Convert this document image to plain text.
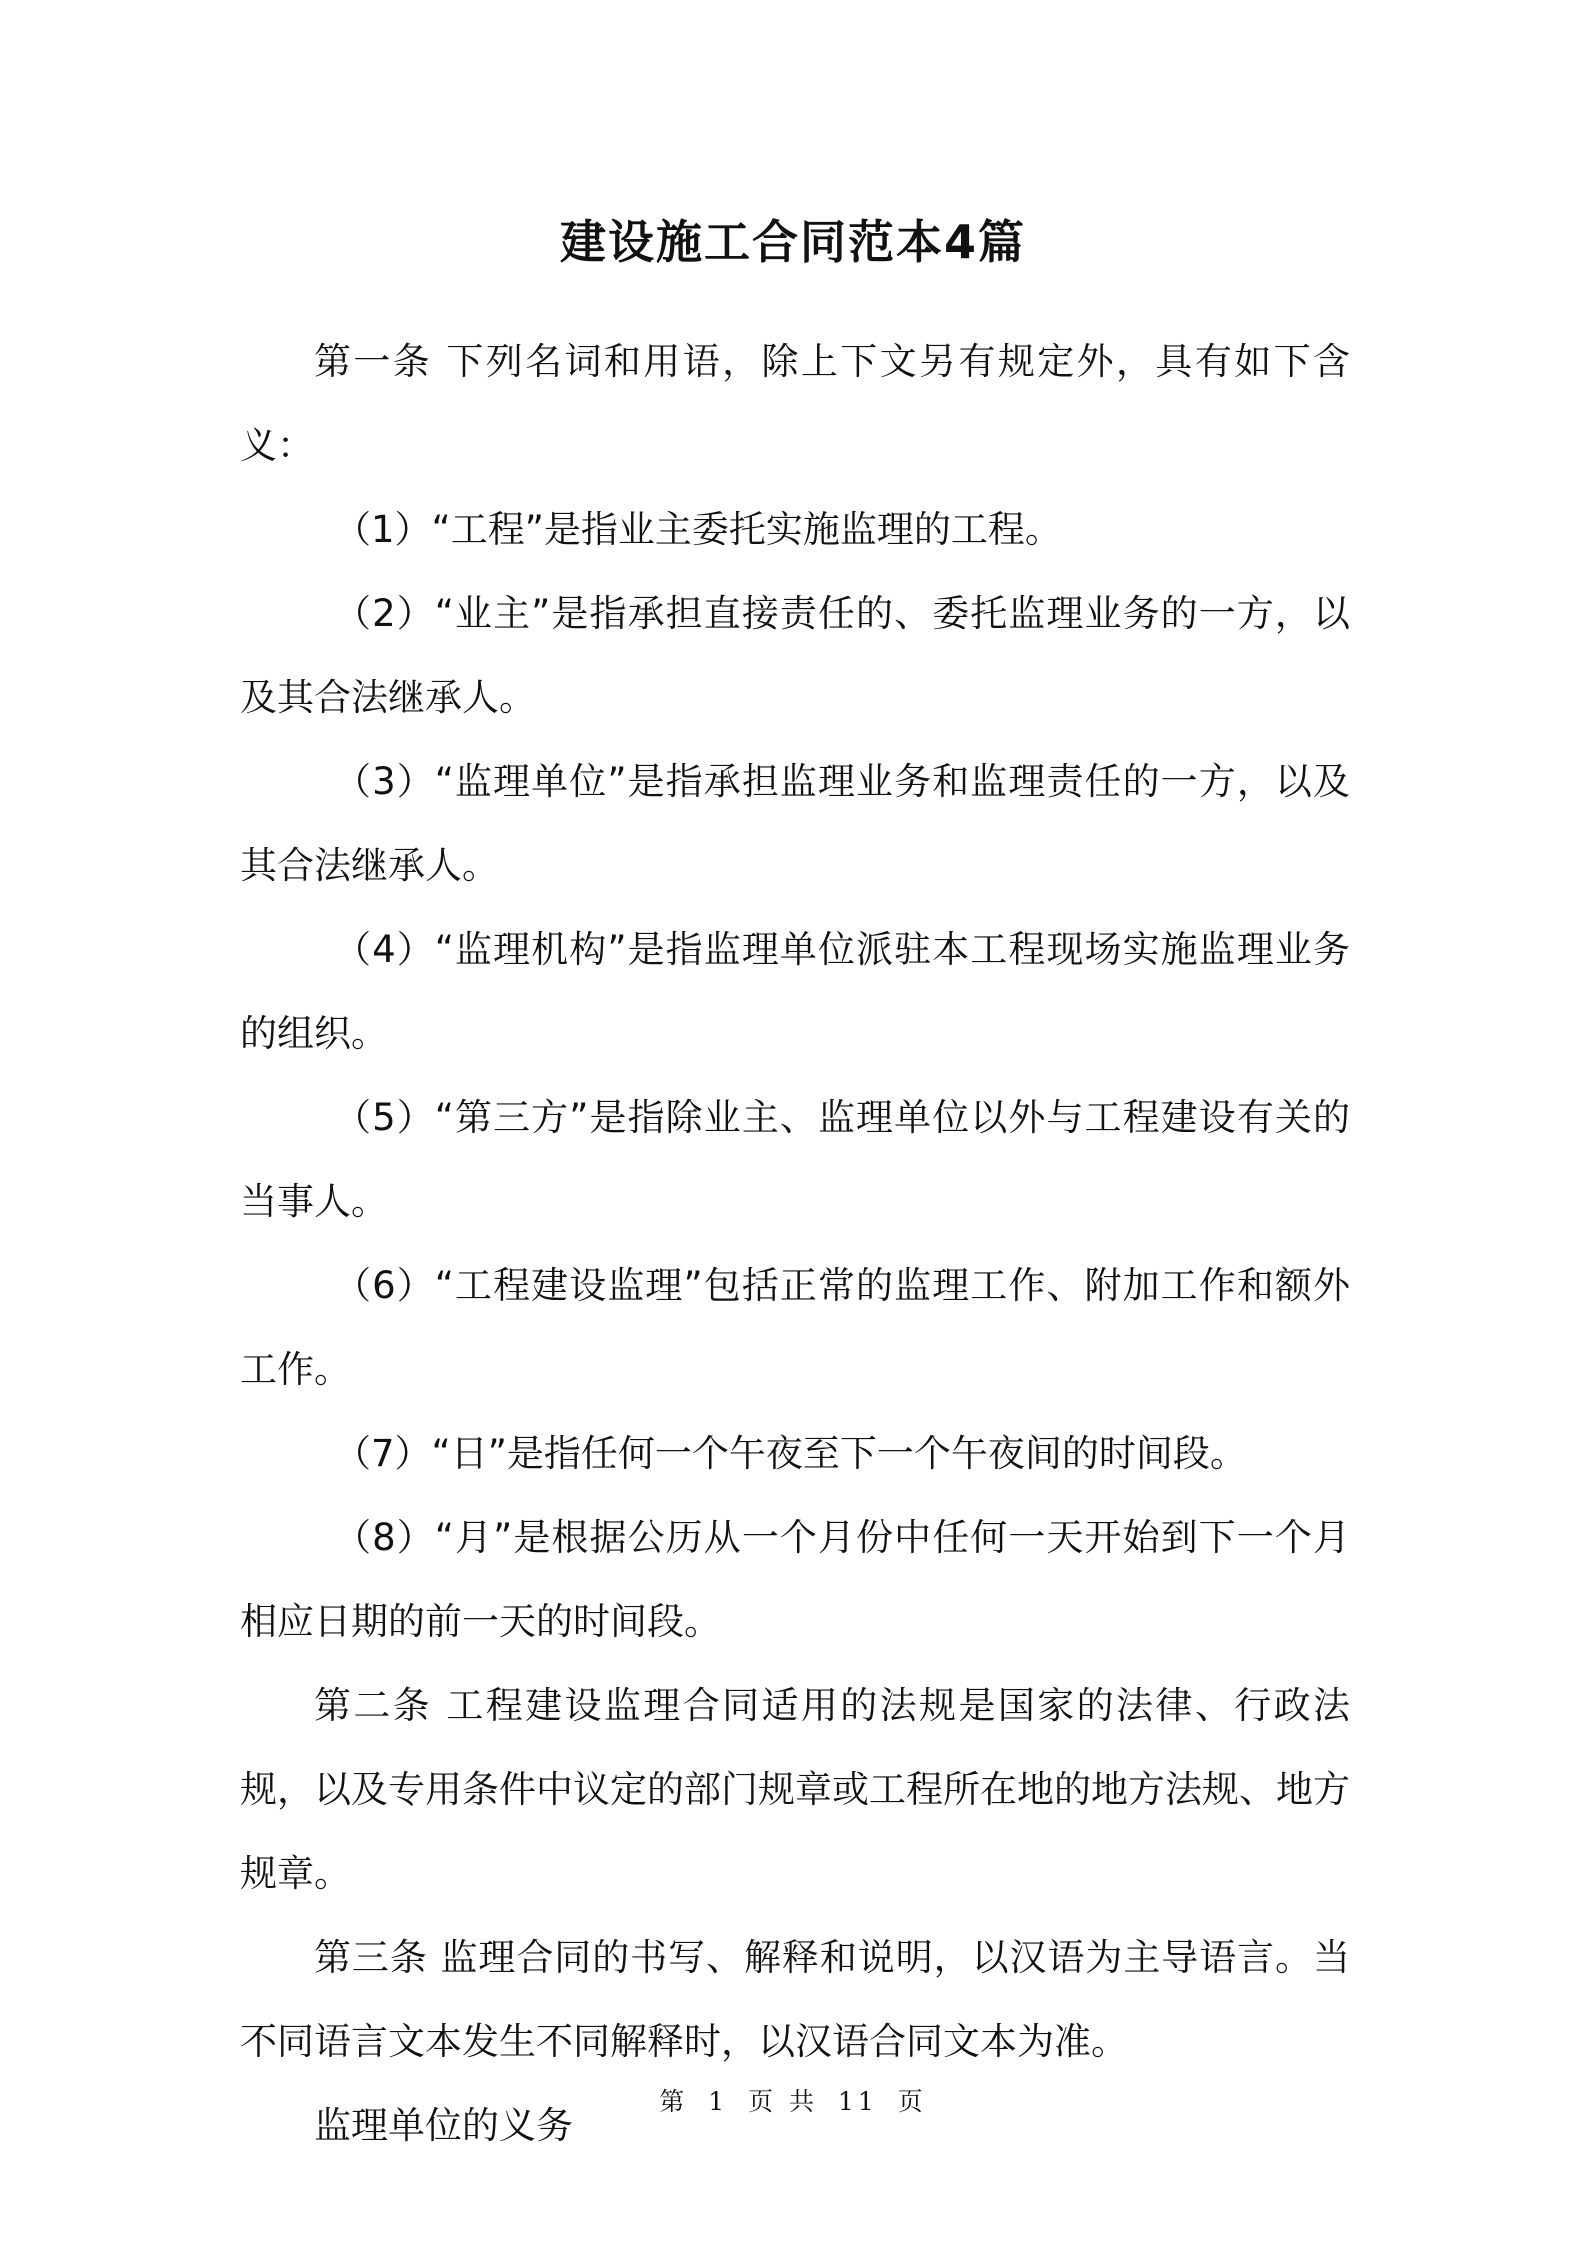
建设施工合同范本4篇

第一条 下列名词和用语，除上下文另有规定外，具有如下含义：

（1）“工程”是指业主委托实施监理的工程。

（2）“业主”是指承担直接责任的、委托监理业务的一方，以及其合法继承人。

（3）“监理单位”是指承担监理业务和监理责任的一方，以及其合法继承人。

（4）“监理机构”是指监理单位派驻本工程现场实施监理业务的组织。

（5）“第三方”是指除业主、监理单位以外与工程建设有关的当事人。

（6）“工程建设监理”包括正常的监理工作、附加工作和额外工作。

（7）“日”是指任何一个午夜至下一个午夜间的时间段。

（8）“月”是根据公历从一个月份中任何一天开始到下一个月相应日期的前一天的时间段。

第二条 工程建设监理合同适用的法规是国家的法律、行政法规，以及专用条件中议定的部门规章或工程所在地的地方法规、地方规章。

第三条 监理合同的书写、解释和说明，以汉语为主导语言。当不同语言文本发生不同解释时，以汉语合同文本为准。

监理单位的义务

第 1 页 共 11 页
